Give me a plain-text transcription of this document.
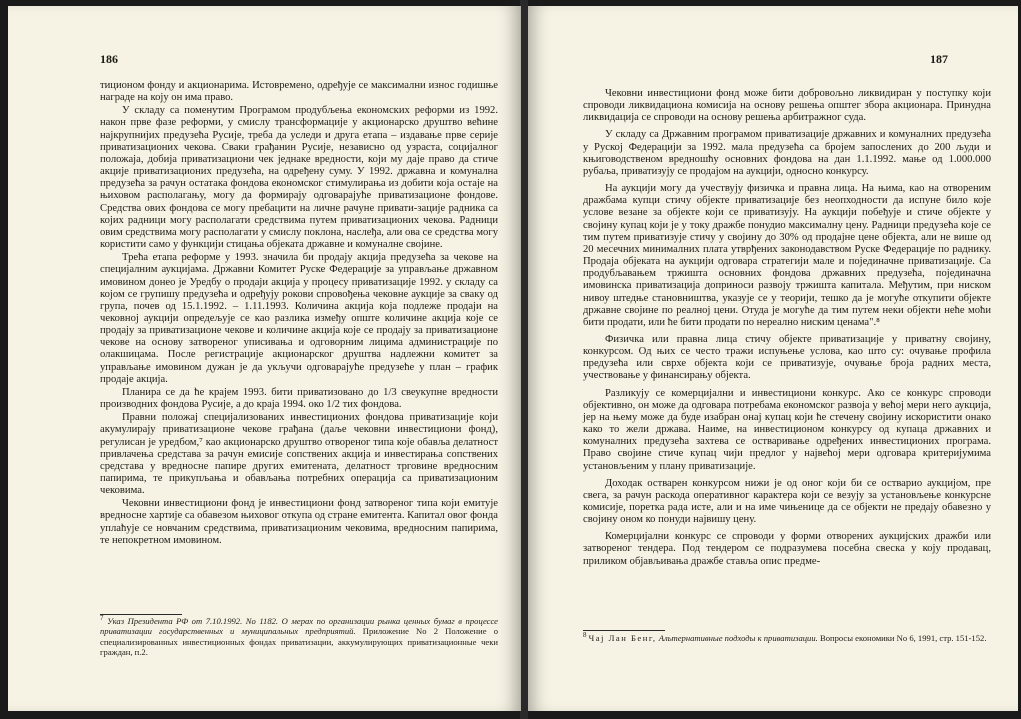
186

тиционом фонду и акционарима. Истовремено, одређује се максимални износ годишње награде на коју он има право.

У складу са поменутим Програмом продубљења економских реформи из 1992. након прве фазе реформи, у смислу трансформације у акционарско друштво већине најкрупнијих предузећа Русије, треба да уследи и друга етапа – издавање прве серије приватизационих чекова. Сваки грађанин Русије, независно од узраста, социјалног положаја, добија приватизациони чек једнаке вредности, који му даје право да стиче акције приватизационих предузећа, на одређену суму. У 1992. државна и комунална предузећа за рачун остатака фондова економског стимулирања из добити која остаје на њиховом располагању, могу да формирају одговарајуће приватизационе фондове. Средства ових фондова се могу пребацити на личне рачуне привати-зацијe радника са којих радници могу располагати средствима путем приватизационих чекова. Радници овим средствима могу располагати у смислу поклона, наслеђа, али ова се средства могу користити само у функцији стицања објеката државне и комуналне својине.

Трећа етапа реформе у 1993. значила би продају акција предузећа за чекове на специјалним аукцијама. Државни Комитет Руске Федерације за управљање државном имовином донео је Уредбу о продаји акција у процесу приватизације 1992. у складу са којом се групишу предузећа и одређују рокови спровођења чековне аукције за сваку од група, почев од 15.1.1992. – 1.11.1993. Количина акција која подлеже продаји на чековној аукцији опредељује се као разлика између опште количине акција које се продају за приватизационе чекове и количине акција које се продају за приватизационе чекове на основу затвореног уписивања и одговорним лицима администрације по олакшицама. После регистрације акционарског друштва надлежни комитет за управљање имовином дужан је да укључи одговарајуће предузеће у план – график продаје акција.

Планира се да ће крајем 1993. бити приватизовано до 1/3 свеукупне вредности производних фондова Русије, а до краја 1994. око 1/2 тих фондова.

Правни положај специјализованих инвестиционих фондова приватизације који акумулирају приватизационе чекове грађана (даље чековни инвестициони фонд), регулисан је уредбом,⁷ као акционарско друштво отвореног типа које обавља делатност привлачења средстава за рачун емисије сопствених акција и инвестирања сопствених средстава у вредносне папире других емитената, делатност трговине вредносним папирима, те прикупљања и обављања потребних операција са приватизационим чековима.

Чековни инвестициони фонд је инвестициони фонд затвореног типа који емитује вредносне хартије са обавезом њиховог откупа од стране емитента. Капитал овог фонда уплаћује се новчаним средствима, приватизационим чековима, вредносним папирима, те непокретном имовином.

$^7$ Указ Президента РФ от 7.10.1992. No 1182. О мерах по организации рынка ценных бумаг в процессе приватизации государственных и муниципальных предприятий. Приложение No 2 Положение о специализированных инвестиционных фондах приватизации, аккумулирующих приватизационные чеки граждан, п.2.
187

Чековни инвестициони фонд може бити добровољно ликвидиран у поступку који спроводи ликвидациона комисија на основу решења општег збора акционара. Принудна ликвидација се спроводи на основу решења арбитражног суда.

У складу са Државним програмом приватизације државних и комуналних предузећа у Руској Федерацији за 1992. мала предузећа са бројем запослених до 200 људи и књиговодственом вредношћу основних фондова на дан 1.1.1992. мање од 1.000.000 рубаља, приватизују се продајом на аукцији, односно конкурсу.

На аукцији могу да учествују физичка и правна лица. На њима, као на отвореним дражбама купци стичу објекте приватизације без неопходности да испуне било које услове везане за објекте који се приватизују. На аукцији побеђује и стиче објекте у својину купац који је у току дражбе понудио максималну цену. Радници предузећа које се тим путем приватизује стичу у својину до 30% од продајне цене објекта, али не више од 20 месечних минималних плата утврђених законодавством Руске Федерације по раднику. Продаја објеката на аукцији одговара стратегији мале и појединачне приватизације. Са продубљавањем тржишта основних фондова државних предузећа, појединачна имовинска приватизација доприноси развоју тржишта капитала. Међутим, при ниском нивоу штедње становништва, указује се у теорији, тешко да је могуће откупити објекте државне својине по реалној цени. Отуда је могуће да тим путем неки објекти неће моћи бити продати, или ће бити продати по нереално ниским ценама".⁸

Физичка или правна лица стичу објекте приватизације у приватну својину, конкурсом. Од њих се често тражи испуњење услова, као што су: очување профила предузећа или сврхе објекта који се приватизује, очување броја радних места, учествовање у финансирању објекта.

Разликују се комерцијални и инвестициони конкурс. Ако се конкурс спроводи објективно, он може да одговара потребама економског развоја у већој мери него аукција, јер на њему може да буде изабран онај купац који ће стечену својину искористити онако како то жели држава. Наиме, на инвестиционом конкурсу од купаца државних и комуналних предузећа захтева се остваривање одређених инвестиционих програма. Право својине стиче купац чији предлог у највећој мери одговара критеријумима установљеним у плану приватизације.

Доходак остварен конкурсом нижи је од оног који би се остварио аукцијом, пре свега, за рачун раскода оперативног карактера који се везују за установљење конкурсне комисије, поретка рада исте, али и на име чињенице да се објекти не предају обавезно у својину оном ко понуди највишу цену.

Комерцијални конкурс се спроводи у форми отворених аукцијских дражби или затвореног тендера. Под тендером се подразумева посебна свеска у коју продавац, приликом објављивања дражбе ставља опис предме-

$^8$ Чај Лан Бенг, Альтернативные подходы к приватизации. Вопросы економики No 6, 1991, стр. 151-152.
